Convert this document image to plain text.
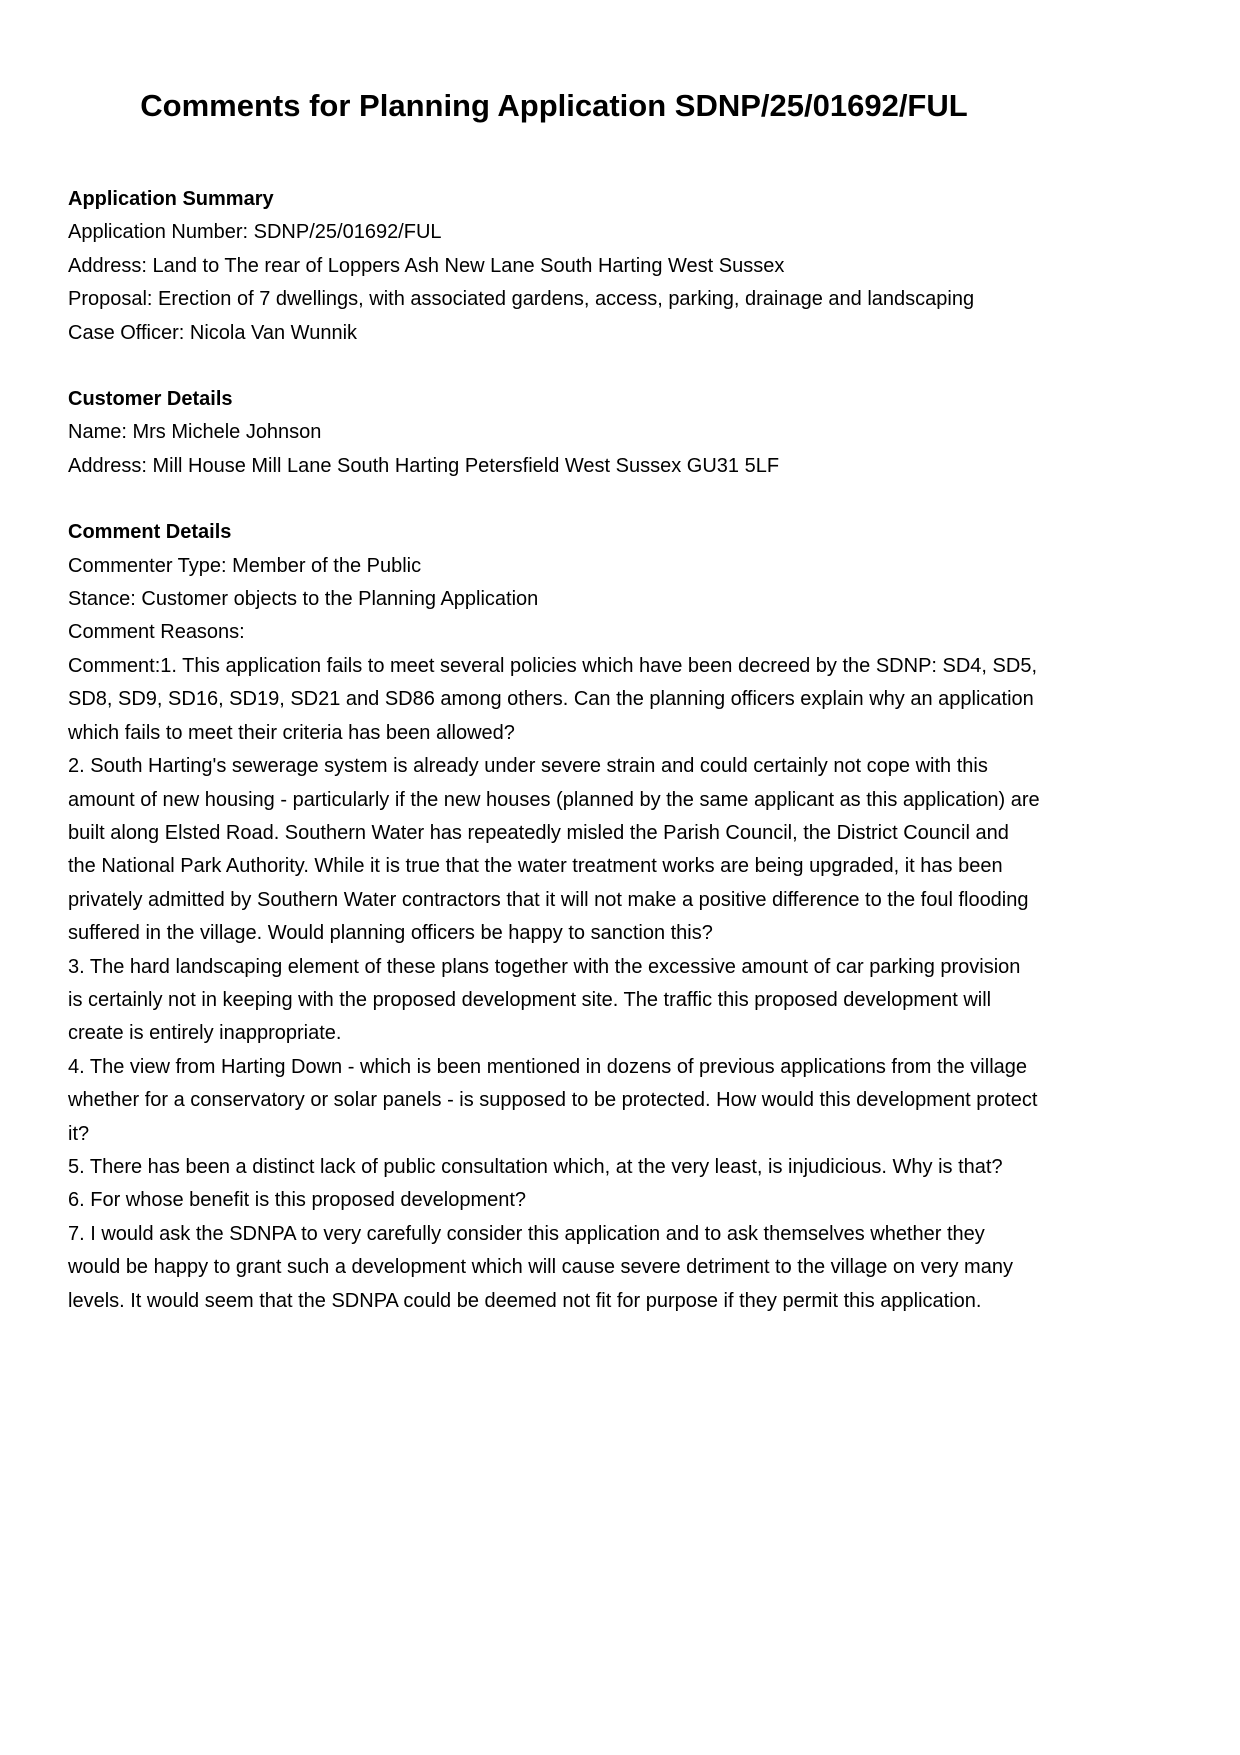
Comments for Planning Application SDNP/25/01692/FUL
Application Summary
Application Number: SDNP/25/01692/FUL
Address: Land to The rear of Loppers Ash New Lane South Harting West Sussex
Proposal: Erection of 7 dwellings, with associated gardens, access, parking, drainage and landscaping
Case Officer: Nicola Van Wunnik
Customer Details
Name: Mrs Michele Johnson
Address: Mill House Mill Lane South Harting Petersfield West Sussex GU31 5LF
Comment Details
Commenter Type: Member of the Public
Stance: Customer objects to the Planning Application
Comment Reasons:
Comment:1. This application fails to meet several policies which have been decreed by the SDNP: SD4, SD5, SD8, SD9, SD16, SD19, SD21 and SD86 among others. Can the planning officers explain why an application which fails to meet their criteria has been allowed?
2. South Harting's sewerage system is already under severe strain and could certainly not cope with this amount of new housing - particularly if the new houses (planned by the same applicant as this application) are built along Elsted Road. Southern Water has repeatedly misled the Parish Council, the District Council and the National Park Authority. While it is true that the water treatment works are being upgraded, it has been privately admitted by Southern Water contractors that it will not make a positive difference to the foul flooding suffered in the village. Would planning officers be happy to sanction this?
3. The hard landscaping element of these plans together with the excessive amount of car parking provision is certainly not in keeping with the proposed development site. The traffic this proposed development will create is entirely inappropriate.
4. The view from Harting Down - which is been mentioned in dozens of previous applications from the village whether for a conservatory or solar panels - is supposed to be protected. How would this development protect it?
5. There has been a distinct lack of public consultation which, at the very least, is injudicious. Why is that?
6. For whose benefit is this proposed development?
7. I would ask the SDNPA to very carefully consider this application and to ask themselves whether they would be happy to grant such a development which will cause severe detriment to the village on very many levels. It would seem that the SDNPA could be deemed not fit for purpose if they permit this application.
